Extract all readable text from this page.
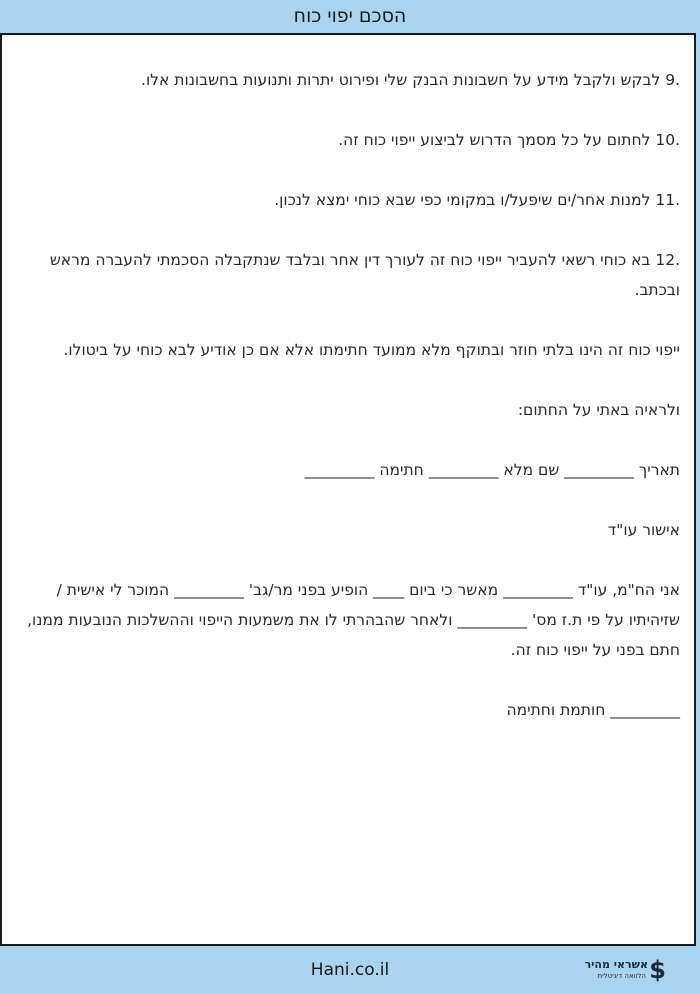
הסכם יפוי כוח

.9 לבקש ולקבל מידע על חשבונות הבנק שלי ופירוט יתרות ותנועות בחשבונות אלו.

.10 לחתום על כל מסמך הדרוש לביצוע ייפוי כוח זה.

.11 למנות אחר/ים שיפעל/ו במקומי כפי שבא כוחי ימצא לנכון.

.12 בא כוחי רשאי להעביר ייפוי כוח זה לעורך דין אחר ובלבד שנתקבלה הסכמתי להעברה מראש ובכתב.

ייפוי כוח זה הינו בלתי חוזר ובתוקף מלא ממועד חתימתו אלא אם כן אודיע לבא כוחי על ביטולו.

ולראיה באתי על החתום:

תאריך _________ שם מלא _________ חתימה _________

אישור עו"ד

אני הח"מ, עו"ד _________ מאשר כי ביום ____ הופיע בפני מר/גב' _________ המוכר לי אישית / שזיהיתיו על פי ת.ז מס' _________ ולאחר שהבהרתי לו את משמעות הייפוי וההשלכות הנובעות ממנו, חתם בפני על ייפוי כוח זה.

_________ חותמת וחתימה

Hani.co.il	$
אשראי מהיר
הלוואה דיגיטלית
